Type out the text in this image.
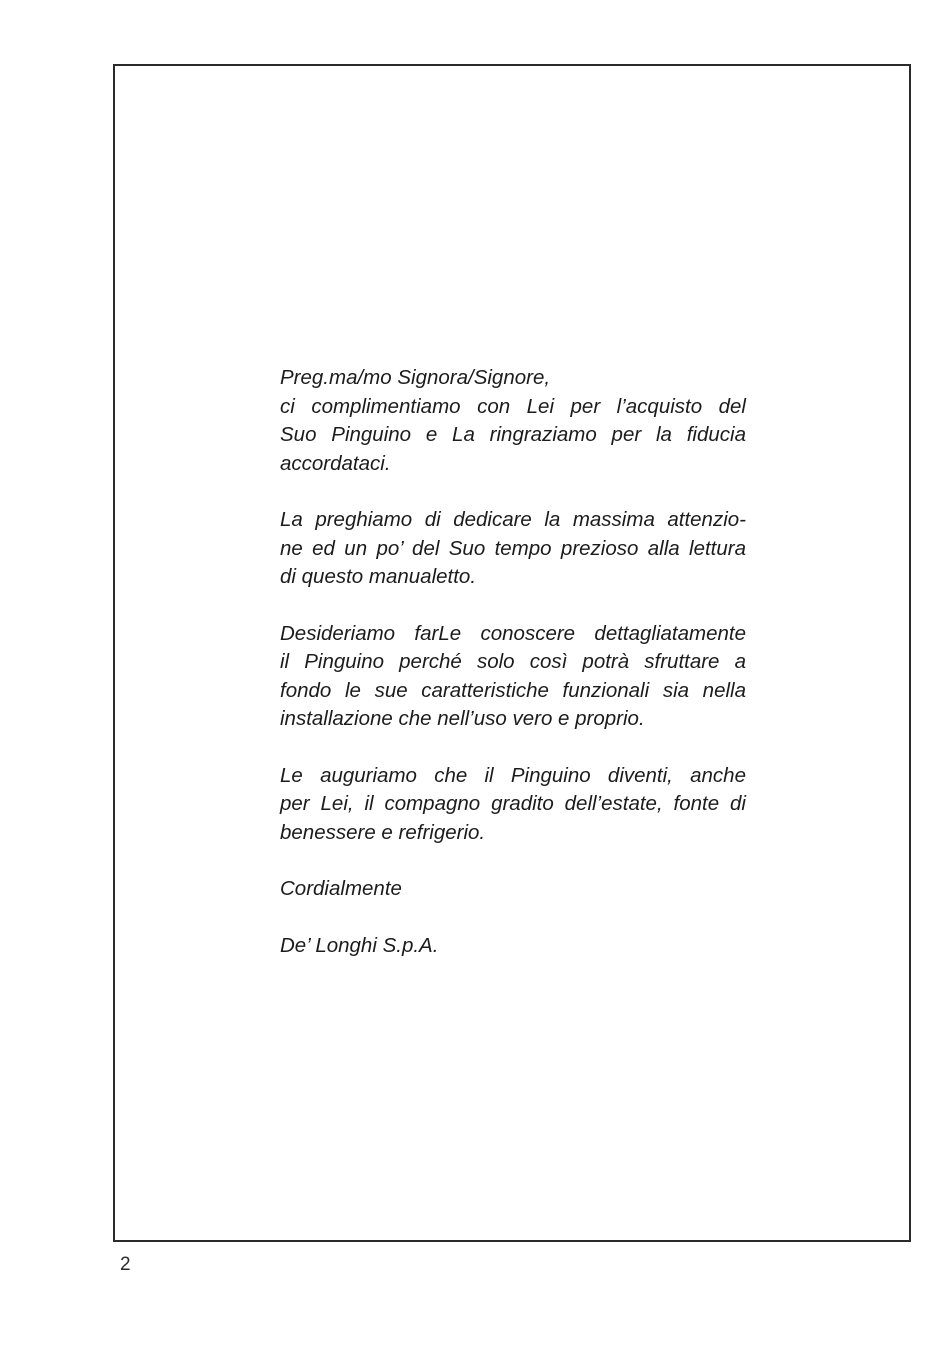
Preg.ma/mo Signora/Signore,
ci complimentiamo con Lei per l’acquisto del
Suo Pinguino e La ringraziamo per la fiducia
accordataci.
La preghiamo di dedicare la massima attenzio-
ne ed un po’ del Suo tempo prezioso alla lettura
di questo manualetto.
Desideriamo farLe conoscere dettagliatamente
il Pinguino perché solo così potrà sfruttare a
fondo le sue caratteristiche funzionali sia nella
installazione che nell’uso vero e proprio.
Le auguriamo che il Pinguino diventi, anche
per Lei, il compagno gradito dell’estate, fonte di
benessere e refrigerio.
Cordialmente
De’ Longhi S.p.A.
2
